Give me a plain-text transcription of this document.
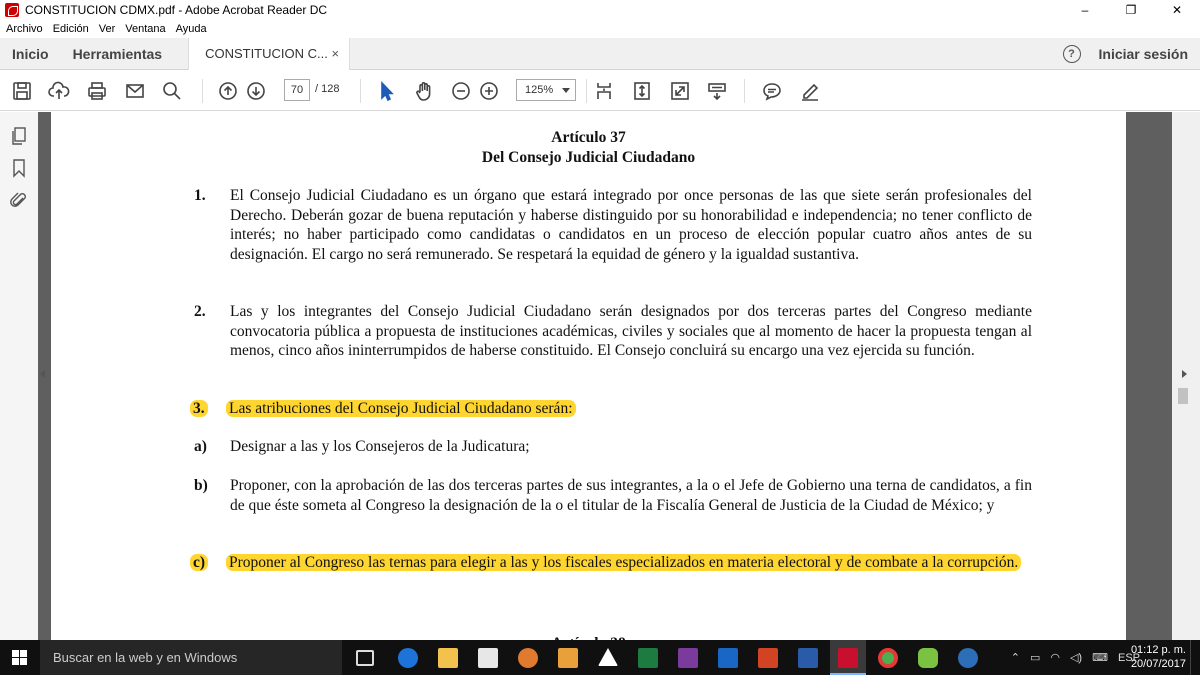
CONSTITUCION CDMX.pdf - Adobe Acrobat Reader DC	–	❐	✕
Archivo Edición Ver Ventana Ayuda
Inicio	Herramientas	CONSTITUCION C... ×	?	Iniciar sesión
70	/ 128	125%
Artículo 37
Del Consejo Judicial Ciudadano
1. El Consejo Judicial Ciudadano es un órgano que estará integrado por once personas de las que siete serán profesionales del Derecho. Deberán gozar de buena reputación y haberse distinguido por su honorabilidad e independencia; no tener conflicto de interés; no haber participado como candidatas o candidatos en un proceso de elección popular cuatro años antes de su designación. El cargo no será remunerado. Se respetará la equidad de género y la igualdad sustantiva.
2. Las y los integrantes del Consejo Judicial Ciudadano serán designados por dos terceras partes del Congreso mediante convocatoria pública a propuesta de instituciones académicas, civiles y sociales que al momento de hacer la propuesta tengan al menos, cinco años ininterrumpidos de haberse constituido. El Consejo concluirá su encargo una vez ejercida su función.
3. Las atribuciones del Consejo Judicial Ciudadano serán:
a) Designar a las y los Consejeros de la Judicatura;
b) Proponer, con la aprobación de las dos terceras partes de sus integrantes, a la o el Jefe de Gobierno una terna de candidatos, a fin de que éste someta al Congreso la designación de la o el titular de la Fiscalía General de Justicia de la Ciudad de México; y
c) Proponer al Congreso las ternas para elegir a las y los fiscales especializados en materia electoral y de combate a la corrupción.
Buscar en la web y en Windows	⌃ ▭ ◠ ◁) ⌨ ESP
01:12 p. m.
20/07/2017
